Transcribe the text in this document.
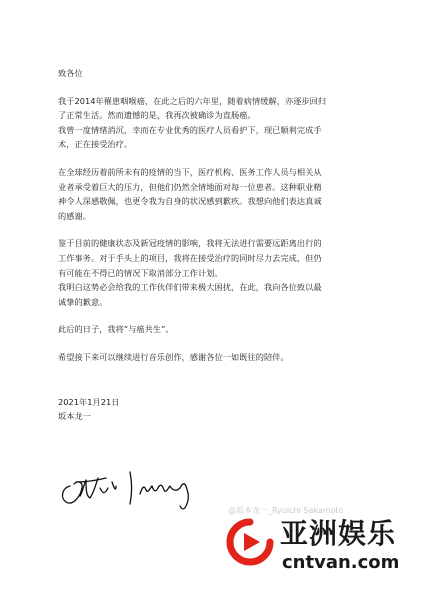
致各位
我于2014年罹患咽喉癌，在此之后的六年里，随着病情缓解，亦逐步回归
了正常生活。然而遗憾的是，我再次被确诊为直肠癌。
我曾一度情绪消沉，幸而在专业优秀的医疗人员看护下，现已顺利完成手
术，正在接受治疗。
在全球经历着前所未有的疫情的当下，医疗机构、医务工作人员与相关从
业者承受着巨大的压力，但他们仍然全情地面对每一位患者。这种职业精
神令人深感敬佩，也更令我为自身的状况感到歉疚。我想向他们表达真诚
的感谢。
鉴于目前的健康状态及新冠疫情的影响，我将无法进行需要远距离出行的
工作事务。对于手头上的项目，我将在接受治疗的同时尽力去完成，但仍
有可能在不得已的情况下取消部分工作计划。
我明白这势必会给我的工作伙伴们带来极大困扰，在此，我向各位致以最
诚挚的歉意。
此后的日子，我将“与癌共生”。
希望接下来可以继续进行音乐创作，感谢各位一如既往的陪伴。
2021年1月21日
坂本龙一
@坂本龙一_Ryuichi Sakamoto
亚洲娱乐
cntvan.com
